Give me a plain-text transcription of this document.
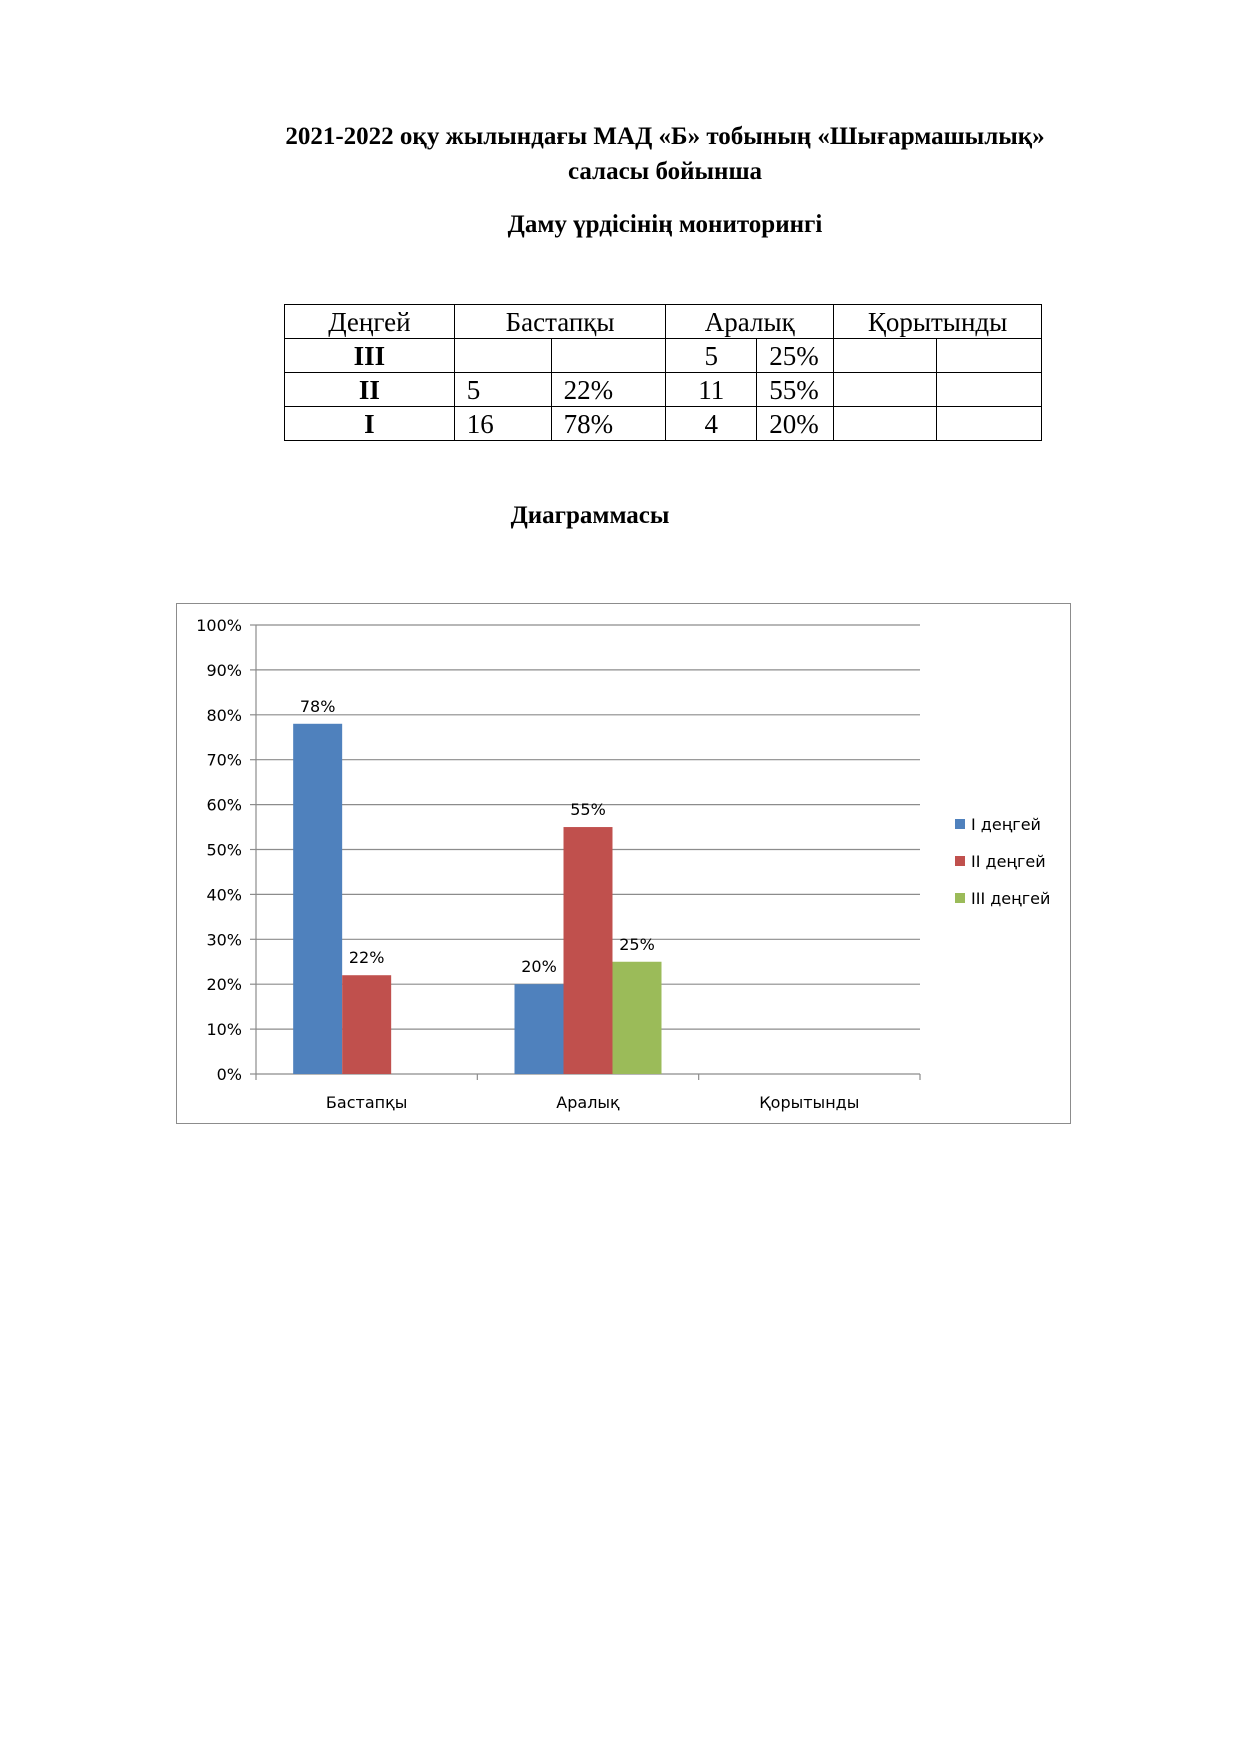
2021-2022 оқу жылындағы МАД «Б» тобының «Шығармашылық»
саласы бойынша
Даму үрдісінің мониторингі
Деңгей	Бастапқы		Аралық		Қорытынды	
III			5	25%		
II	5	22%	11	55%		
I	16	78%	4	20%		
Диаграммасы
0%
10%
20%
30%
40%
50%
60%
70%
80%
90%
100%
Бастапқы
78%
22%
Аралық
20%
55%
25%
Қорытынды
I деңгей
II деңгей
III деңгей
